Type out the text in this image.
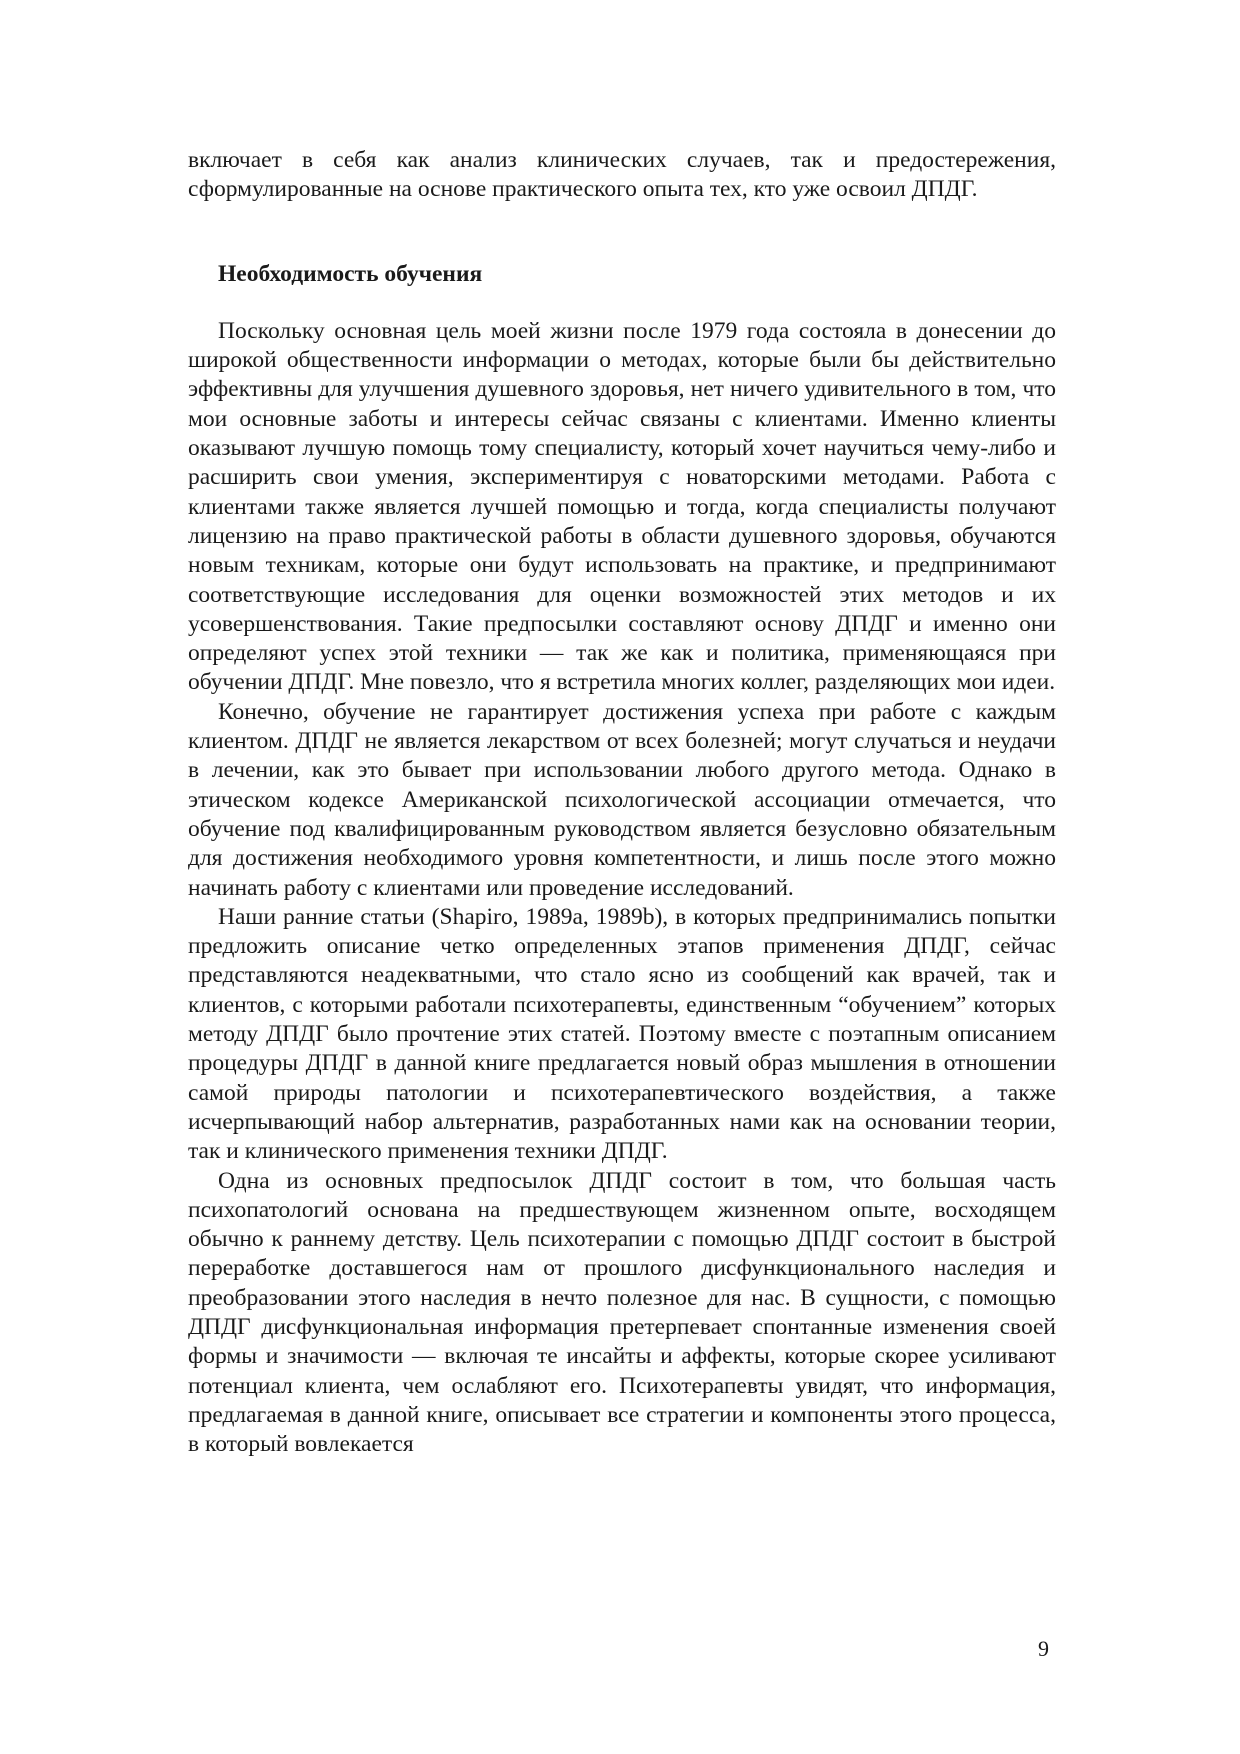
включает в себя как анализ клинических случаев, так и предостережения, сформулированные на основе практического опыта тех, кто уже освоил ДПДГ.

Необходимость обучения

Поскольку основная цель моей жизни после 1979 года состояла в донесении до широкой общественности информации о методах, которые были бы действительно эффективны для улучшения душевного здоровья, нет ничего удивительного в том, что мои основные заботы и интересы сейчас связаны с клиентами. Именно клиенты оказывают лучшую помощь тому специалисту, который хочет научиться чему-либо и расширить свои умения, экспериментируя с новаторскими методами. Работа с клиентами также является лучшей помощью и тогда, когда специалисты получают лицензию на право практической работы в области душевного здоровья, обучаются новым техникам, которые они будут использовать на практике, и предпринимают соответствующие исследования для оценки возможностей этих методов и их усовершенствования. Такие предпосылки составляют основу ДПДГ и именно они определяют успех этой техники — так же как и политика, применяющаяся при обучении ДПДГ. Мне повезло, что я встретила многих коллег, разделяющих мои идеи.

Конечно, обучение не гарантирует достижения успеха при работе с каждым клиентом. ДПДГ не является лекарством от всех болезней; могут случаться и неудачи в лечении, как это бывает при использовании любого другого метода. Однако в этическом кодексе Американской психологической ассоциации отмечается, что обучение под квалифицированным руководством является безусловно обязательным для достижения необходимого уровня компетентности, и лишь после этого можно начинать работу с клиентами или проведение исследований.

Наши ранние статьи (Shapiro, 1989a, 1989b), в которых предпринимались попытки предложить описание четко определенных этапов применения ДПДГ, сейчас представляются неадекватными, что стало ясно из сообщений как врачей, так и клиентов, с которыми работали психотерапевты, единственным “обучением” которых методу ДПДГ было прочтение этих статей. Поэтому вместе с поэтапным описанием процедуры ДПДГ в данной книге предлагается новый образ мышления в отношении самой природы патологии и психотерапевтического воздействия, а также исчерпывающий набор альтернатив, разработанных нами как на основании теории, так и клинического применения техники ДПДГ.

Одна из основных предпосылок ДПДГ состоит в том, что большая часть психопатологий основана на предшествующем жизненном опыте, восходящем обычно к раннему детству. Цель психотерапии с помощью ДПДГ состоит в быстрой переработке доставшегося нам от прошлого дисфункционального наследия и преобразовании этого наследия в нечто полезное для нас. В сущности, с помощью ДПДГ дисфункциональная информация претерпевает спонтанные изменения своей формы и значимости — включая те инсайты и аффекты, которые скорее усиливают потенциал клиента, чем ослабляют его. Психотерапевты увидят, что информация, предлагаемая в данной книге, описывает все стратегии и компоненты этого процесса, в который вовлекается

9
